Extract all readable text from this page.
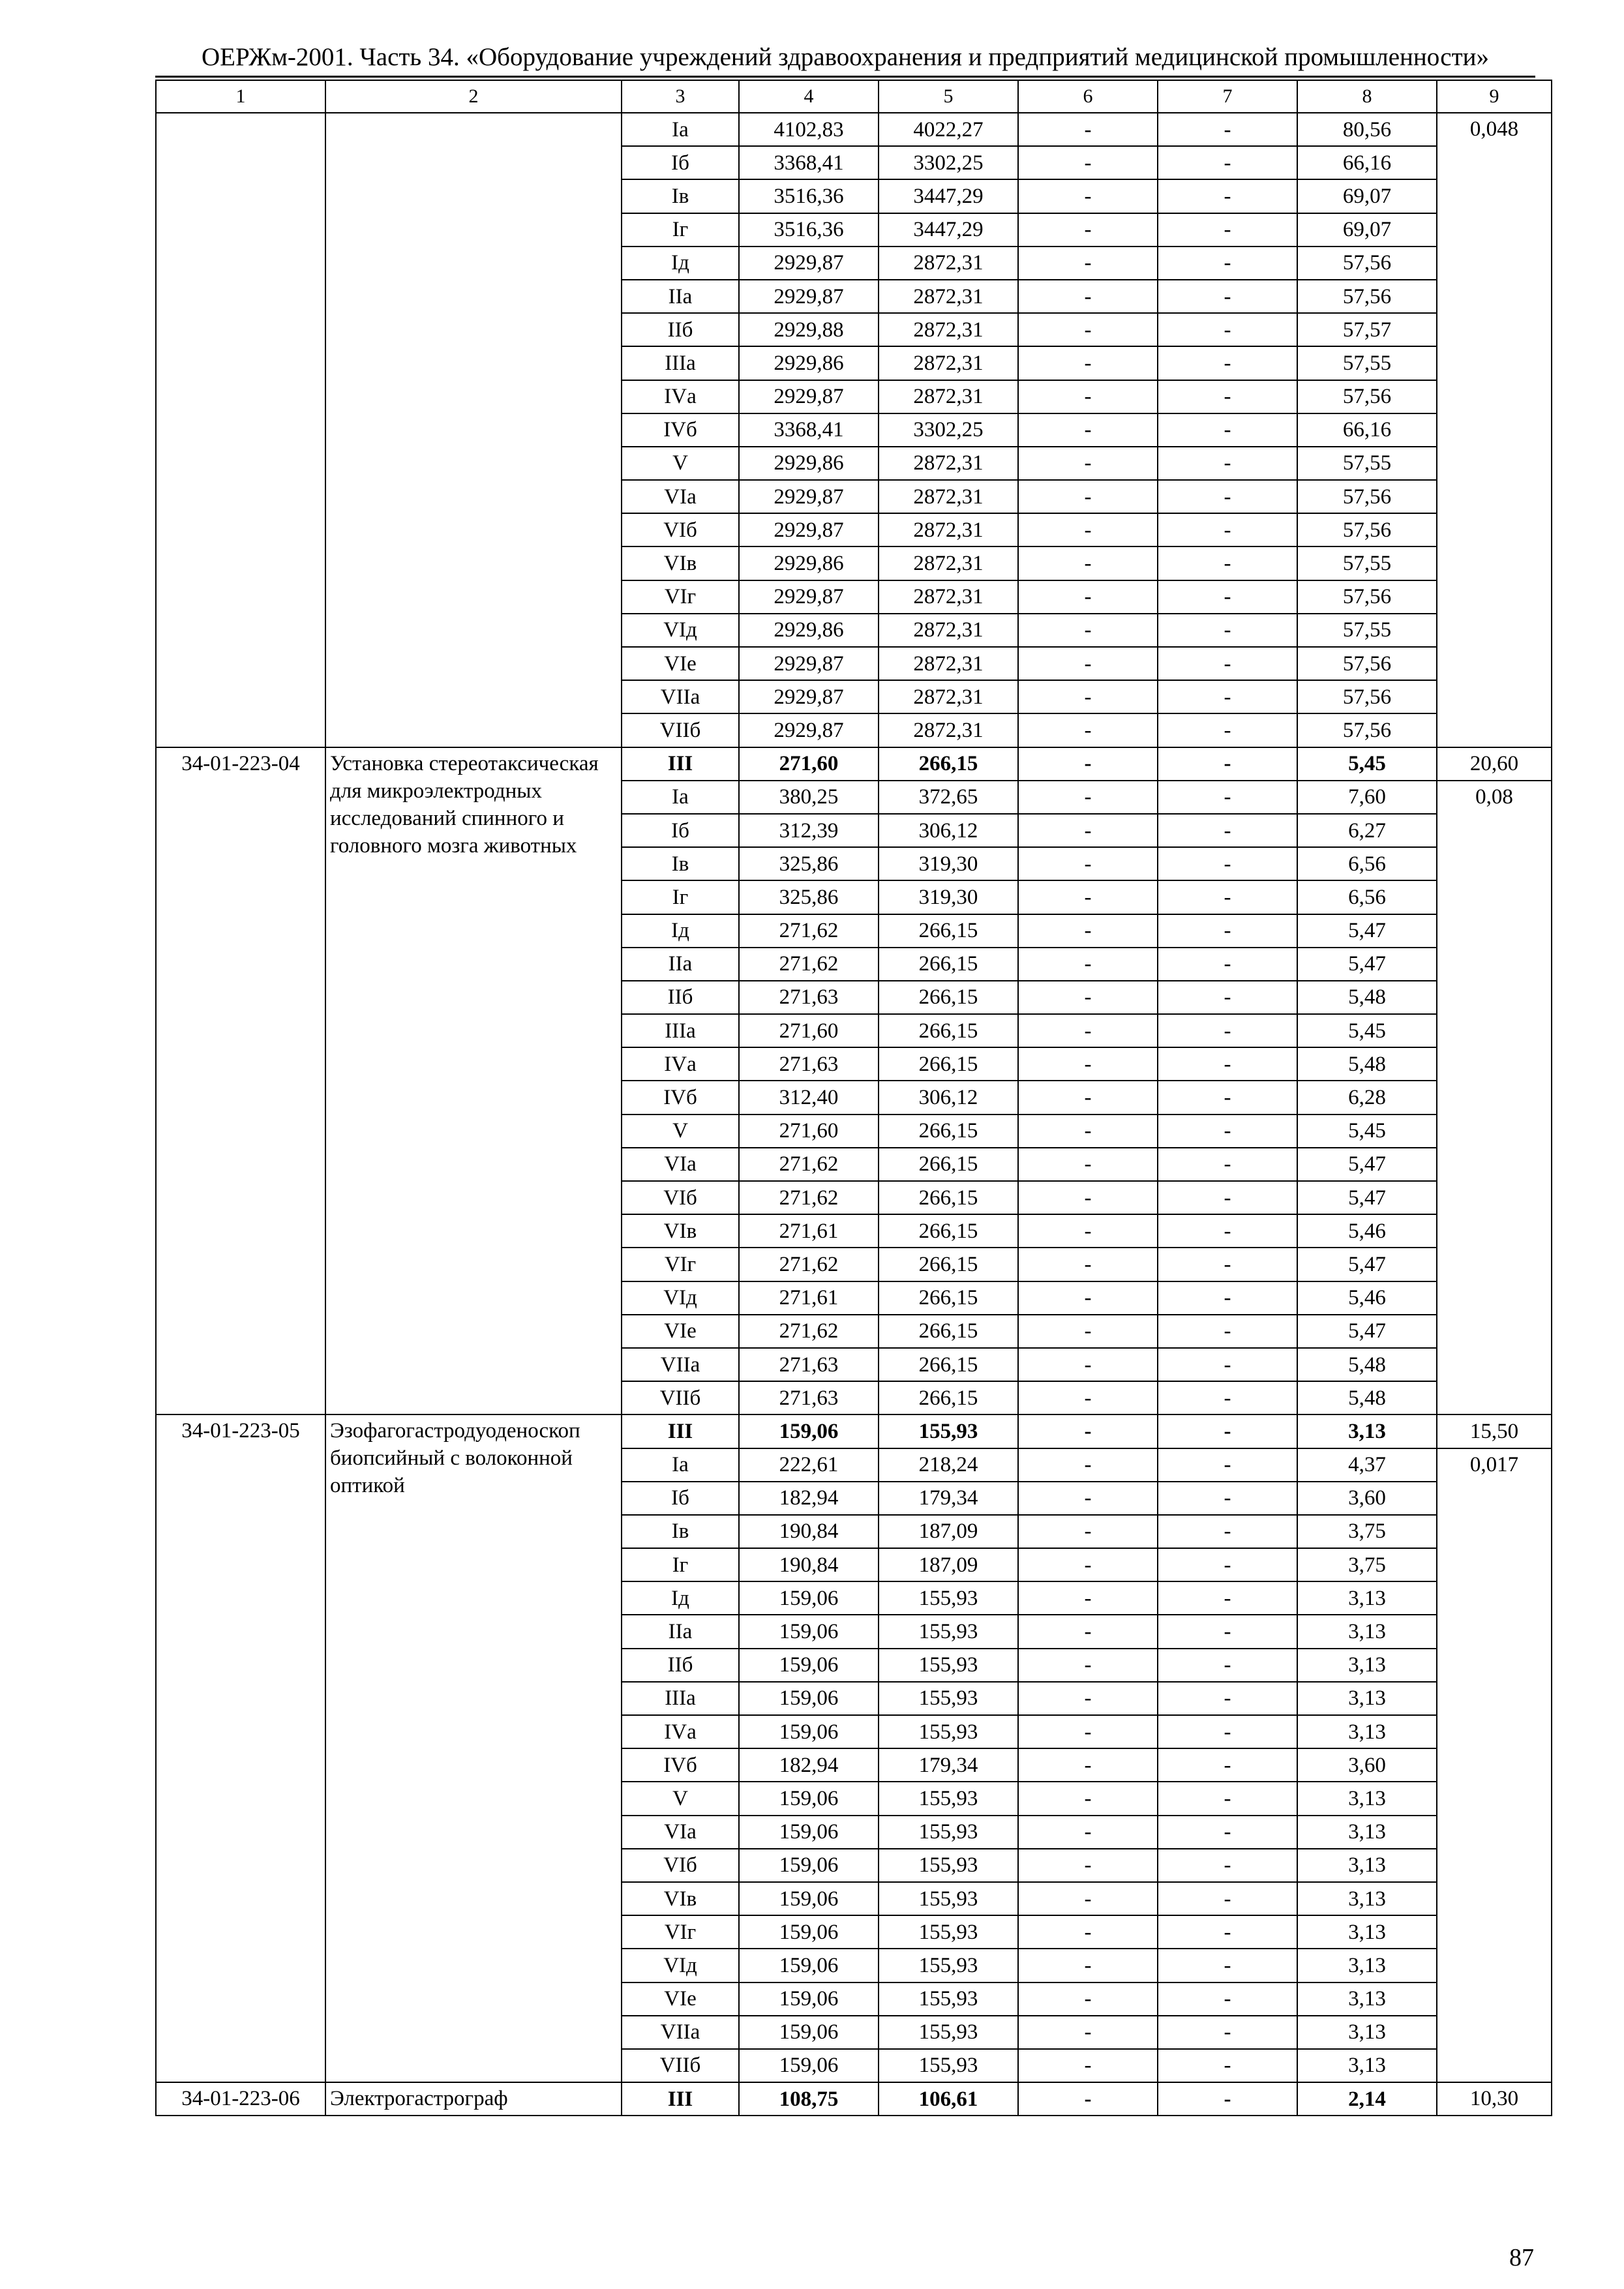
ОЕРЖм-2001. Часть 34. «Оборудование учреждений здравоохранения и предприятий медицинской промышленности»
1	2	3	4	5	6	7	8	9
		Iа	4102,83	4022,27	-	-	80,56	0,048
		Iб	3368,41	3302,25	-	-	66,16	
		Iв	3516,36	3447,29	-	-	69,07	
		Iг	3516,36	3447,29	-	-	69,07	
		Iд	2929,87	2872,31	-	-	57,56	
		IIа	2929,87	2872,31	-	-	57,56	
		IIб	2929,88	2872,31	-	-	57,57	
		IIIа	2929,86	2872,31	-	-	57,55	
		IVа	2929,87	2872,31	-	-	57,56	
		IVб	3368,41	3302,25	-	-	66,16	
		V	2929,86	2872,31	-	-	57,55	
		VIа	2929,87	2872,31	-	-	57,56	
		VIб	2929,87	2872,31	-	-	57,56	
		VIв	2929,86	2872,31	-	-	57,55	
		VIг	2929,87	2872,31	-	-	57,56	
		VIд	2929,86	2872,31	-	-	57,55	
		VIе	2929,87	2872,31	-	-	57,56	
		VIIа	2929,87	2872,31	-	-	57,56	
		VIIб	2929,87	2872,31	-	-	57,56	
34-01-223-04	Установка стереотаксическая для микроэлектродных исследований спинного и головного мозга животных	III	271,60	266,15	-	-	5,45	20,60
		Iа	380,25	372,65	-	-	7,60	0,08
		Iб	312,39	306,12	-	-	6,27	
		Iв	325,86	319,30	-	-	6,56	
		Iг	325,86	319,30	-	-	6,56	
		Iд	271,62	266,15	-	-	5,47	
		IIа	271,62	266,15	-	-	5,47	
		IIб	271,63	266,15	-	-	5,48	
		IIIа	271,60	266,15	-	-	5,45	
		IVа	271,63	266,15	-	-	5,48	
		IVб	312,40	306,12	-	-	6,28	
		V	271,60	266,15	-	-	5,45	
		VIа	271,62	266,15	-	-	5,47	
		VIб	271,62	266,15	-	-	5,47	
		VIв	271,61	266,15	-	-	5,46	
		VIг	271,62	266,15	-	-	5,47	
		VIд	271,61	266,15	-	-	5,46	
		VIе	271,62	266,15	-	-	5,47	
		VIIа	271,63	266,15	-	-	5,48	
		VIIб	271,63	266,15	-	-	5,48	
34-01-223-05	Эзофагогастродуоденоскоп биопсийный с волоконной оптикой	III	159,06	155,93	-	-	3,13	15,50
		Iа	222,61	218,24	-	-	4,37	0,017
		Iб	182,94	179,34	-	-	3,60	
		Iв	190,84	187,09	-	-	3,75	
		Iг	190,84	187,09	-	-	3,75	
		Iд	159,06	155,93	-	-	3,13	
		IIа	159,06	155,93	-	-	3,13	
		IIб	159,06	155,93	-	-	3,13	
		IIIа	159,06	155,93	-	-	3,13	
		IVа	159,06	155,93	-	-	3,13	
		IVб	182,94	179,34	-	-	3,60	
		V	159,06	155,93	-	-	3,13	
		VIа	159,06	155,93	-	-	3,13	
		VIб	159,06	155,93	-	-	3,13	
		VIв	159,06	155,93	-	-	3,13	
		VIг	159,06	155,93	-	-	3,13	
		VIд	159,06	155,93	-	-	3,13	
		VIе	159,06	155,93	-	-	3,13	
		VIIа	159,06	155,93	-	-	3,13	
		VIIб	159,06	155,93	-	-	3,13	
34-01-223-06	Электрогастрограф	III	108,75	106,61	-	-	2,14	10,30
87
